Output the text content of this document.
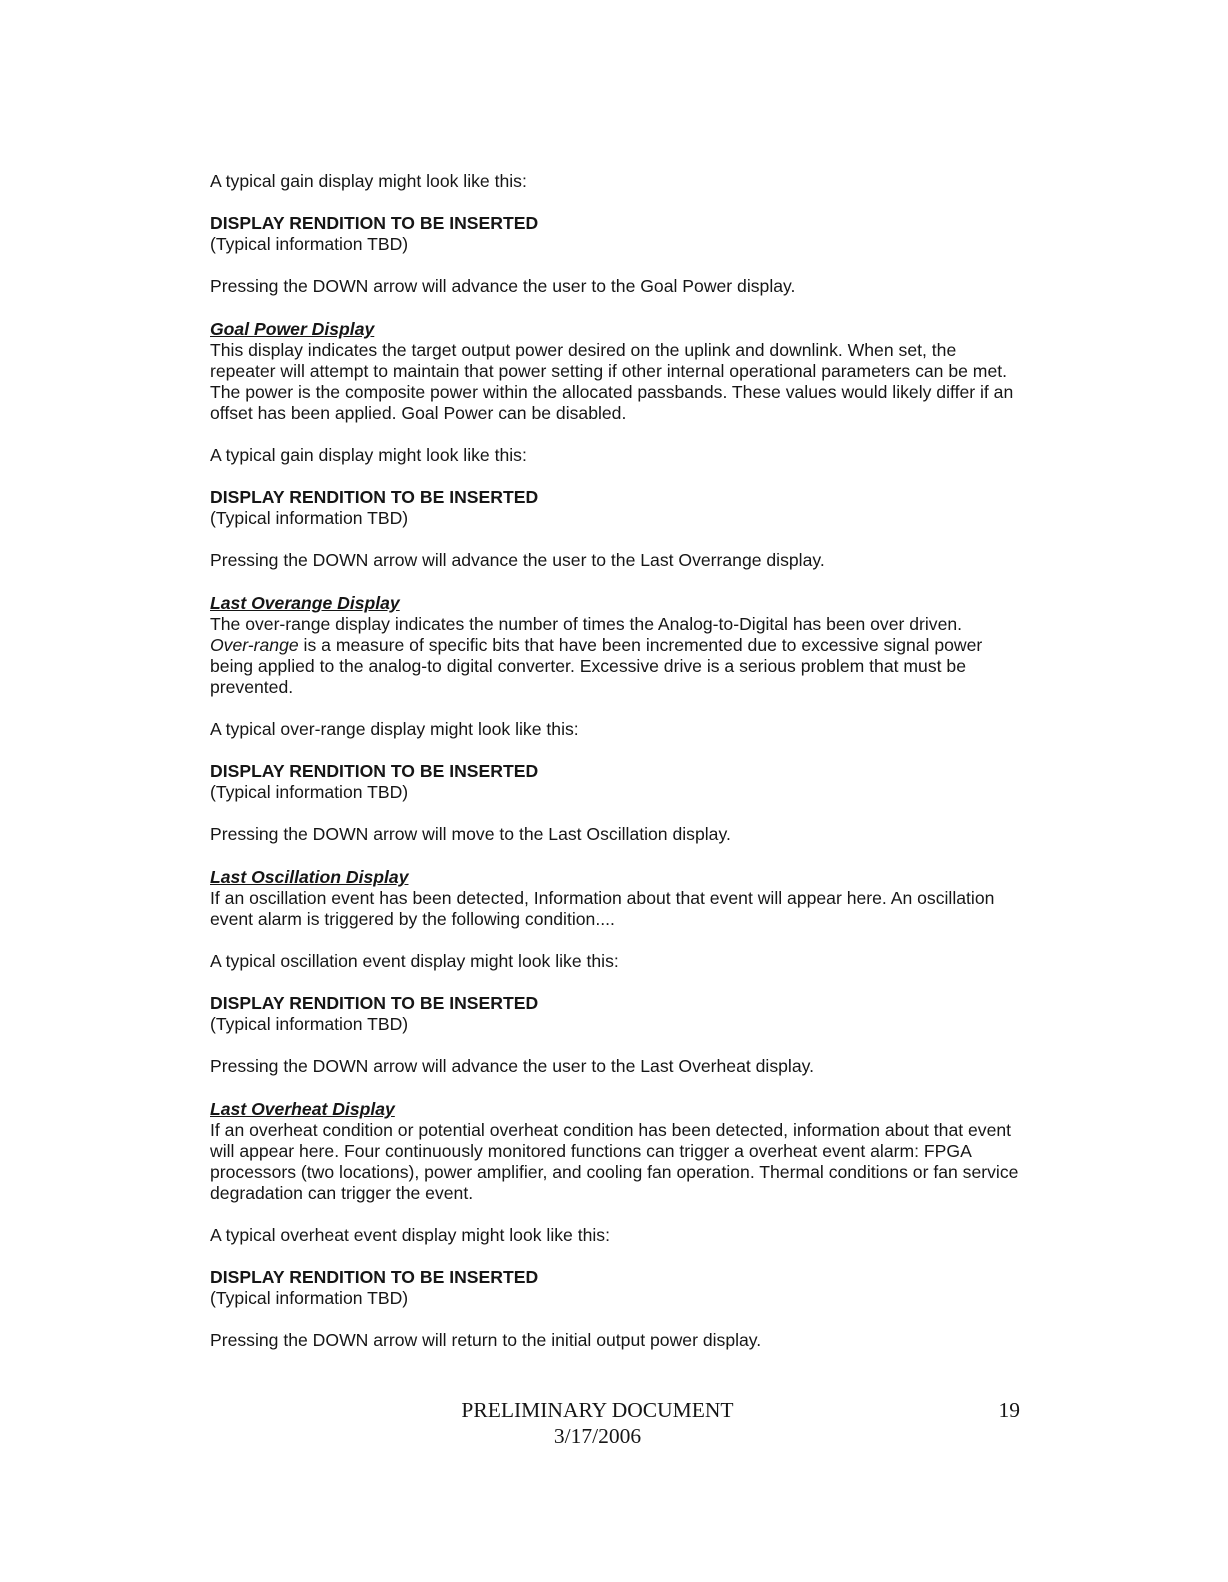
A typical gain display might look like this:

DISPLAY RENDITION TO BE INSERTED

(Typical information TBD)

Pressing the DOWN arrow will advance the user to the Goal Power display.

Goal Power Display
This display indicates the target output power desired on the uplink and downlink. When set, the repeater will attempt to maintain that power setting if other internal operational parameters can be met. The power is the composite power within the allocated passbands. These values would likely differ if an offset has been applied. Goal Power can be disabled.

A typical gain display might look like this:

DISPLAY RENDITION TO BE INSERTED

(Typical information TBD)

Pressing the DOWN arrow will advance the user to the Last Overrange display.

Last Overange Display
The over-range display indicates the number of times the Analog-to-Digital has been over driven.
Over-range is a measure of specific bits that have been incremented due to excessive signal power being applied to the analog-to digital converter. Excessive drive is a serious problem that must be prevented.

A typical over-range display might look like this:

DISPLAY RENDITION TO BE INSERTED

(Typical information TBD)

Pressing the DOWN arrow will move to the Last Oscillation display.

Last Oscillation Display
If an oscillation event has been detected, Information about that event will appear here. An oscillation event alarm is triggered by the following condition....

A typical oscillation event display might look like this:

DISPLAY RENDITION TO BE INSERTED

(Typical information TBD)

Pressing the DOWN arrow will advance the user to the Last Overheat display.

Last Overheat Display
If an overheat condition or potential overheat condition has been detected, information about that event will appear here. Four continuously monitored functions can trigger a overheat event alarm: FPGA processors (two locations), power amplifier, and cooling fan operation. Thermal conditions or fan service degradation can trigger the event.

A typical overheat event display might look like this:

DISPLAY RENDITION TO BE INSERTED

(Typical information TBD)

Pressing the DOWN arrow will return to the initial output power display.

PRELIMINARY DOCUMENT
3/17/2006
19
